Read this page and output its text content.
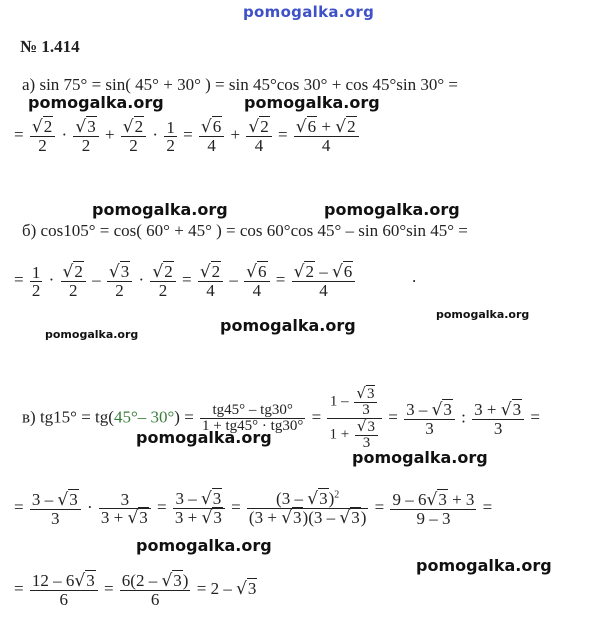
pomogalka.org
№ 1.414
а) sin 75° = sin( 45° + 30° ) = sin 45°cos 30° + cos 45°sin 30° =
pomogalka.org	pomogalka.org
= $\frac{√2}{2} \cdot \frac{√3}{2} + \frac{√2}{2} \cdot \frac{1}{2} = \frac{√6}{4} + \frac{√2}{4} = \frac{√6 + √2}{4}$
pomogalka.org	pomogalka.org
б) cos105° = cos( 60° + 45° ) = cos 60°cos 45° – sin 60°sin 45° =
= $\frac{1}{2} \cdot \frac{√2}{2} - \frac{√3}{2} \cdot \frac{√2}{2} = \frac{√2}{4} - \frac{√6}{4} = \frac{√2 - √6}{4}$	.
pomogalka.org
pomogalka.org
pomogalka.org
в) tg15° = tg(45°– $30^\circ) = \frac{tg45^\circ - tg30^\circ}{1 + tg45^\circ \cdot tg30^\circ} = \frac{1 - \frac{√3}{3}}{1 + \frac{√3}{3}} = \frac{3 - √3}{3}$ : $\frac{3 + √3}{3}$ =
pomogalka.org
pomogalka.org
= $\frac{3 - √3}{3} \cdot \frac{3}{3 + √3} = \frac{3 - √3}{3 + √3} = \frac{(3 - √3)^2}{(3 + √3)(3 - √3)} = \frac{9 - 6√3 + 3}{9 - 3}$ =
pomogalka.org
pomogalka.org
= $\frac{12 - 6√3}{6} = \frac{6(2 - √3)}{6} = 2 - √3$
